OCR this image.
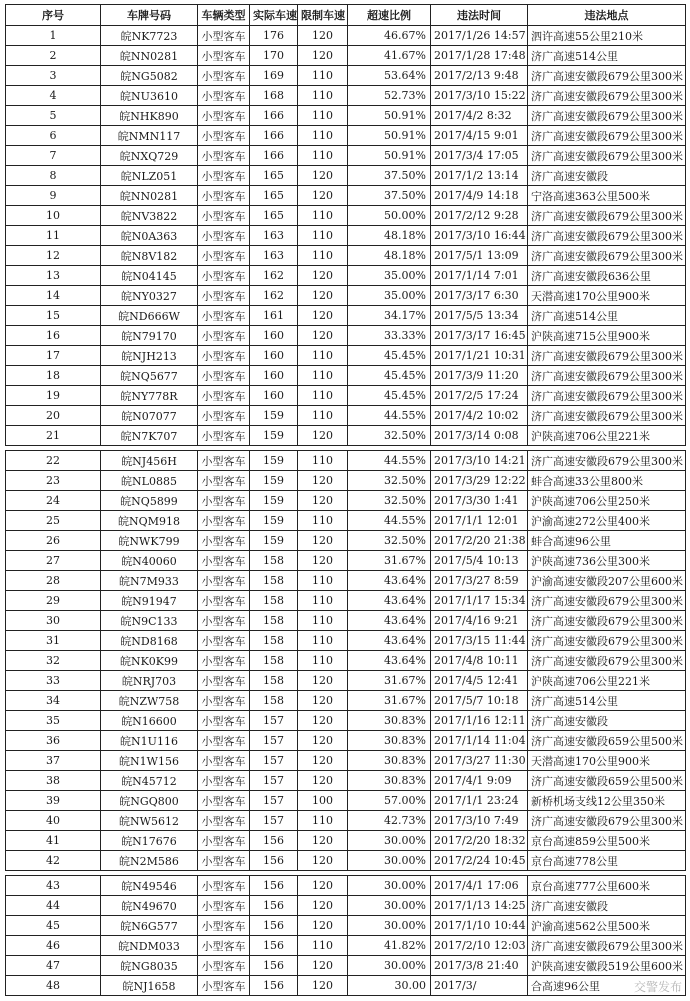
序号	车牌号码	车辆类型	实际车速	限制车速	超速比例	违法时间	违法地点
1	皖NK7723	小型客车	176	120	46.67%	2017/1/26 14:57	泗许高速55公里210米
2	皖NN0281	小型客车	170	120	41.67%	2017/1/28 17:48	济广高速514公里
3	皖NG5082	小型客车	169	110	53.64%	2017/2/13 9:48	济广高速安徽段679公里300米
4	皖NU3610	小型客车	168	110	52.73%	2017/3/10 15:22	济广高速安徽段679公里300米
5	皖NHK890	小型客车	166	110	50.91%	2017/4/2 8:32	济广高速安徽段679公里300米
6	皖NMN117	小型客车	166	110	50.91%	2017/4/15 9:01	济广高速安徽段679公里300米
7	皖NXQ729	小型客车	166	110	50.91%	2017/3/4 17:05	济广高速安徽段679公里300米
8	皖NLZ051	小型客车	165	120	37.50%	2017/1/2 13:14	济广高速安徽段
9	皖NN0281	小型客车	165	120	37.50%	2017/4/9 14:18	宁洛高速363公里500米
10	皖NV3822	小型客车	165	110	50.00%	2017/2/12 9:28	济广高速安徽段679公里300米
11	皖N0A363	小型客车	163	110	48.18%	2017/3/10 16:44	济广高速安徽段679公里300米
12	皖N8V182	小型客车	163	110	48.18%	2017/5/1 13:09	济广高速安徽段679公里300米
13	皖N04145	小型客车	162	120	35.00%	2017/1/14 7:01	济广高速安徽段636公里
14	皖NY0327	小型客车	162	120	35.00%	2017/3/17 6:30	天潜高速170公里900米
15	皖ND666W	小型客车	161	120	34.17%	2017/5/5 13:34	济广高速514公里
16	皖N79170	小型客车	160	120	33.33%	2017/3/17 16:45	沪陕高速715公里900米
17	皖NJH213	小型客车	160	110	45.45%	2017/1/21 10:31	济广高速安徽段679公里300米
18	皖NQ5677	小型客车	160	110	45.45%	2017/3/9 11:20	济广高速安徽段679公里300米
19	皖NY778R	小型客车	160	110	45.45%	2017/2/5 17:24	济广高速安徽段679公里300米
20	皖N07077	小型客车	159	110	44.55%	2017/4/2 10:02	济广高速安徽段679公里300米
21	皖N7K707	小型客车	159	120	32.50%	2017/3/14 0:08	沪陕高速706公里221米

22	皖NJ456H	小型客车	159	110	44.55%	2017/3/10 14:21	济广高速安徽段679公里300米
23	皖NL0885	小型客车	159	120	32.50%	2017/3/29 12:22	蚌合高速33公里800米
24	皖NQ5899	小型客车	159	120	32.50%	2017/3/30 1:41	沪陕高速706公里250米
25	皖NQM918	小型客车	159	110	44.55%	2017/1/1 12:01	沪渝高速272公里400米
26	皖NWK799	小型客车	159	120	32.50%	2017/2/20 21:38	蚌合高速96公里
27	皖N40060	小型客车	158	120	31.67%	2017/5/4 10:13	沪陕高速736公里300米
28	皖N7M933	小型客车	158	110	43.64%	2017/3/27 8:59	沪渝高速安徽段207公里600米
29	皖N91947	小型客车	158	110	43.64%	2017/1/17 15:34	济广高速安徽段679公里300米
30	皖N9C133	小型客车	158	110	43.64%	2017/4/16 9:21	济广高速安徽段679公里300米
31	皖ND8168	小型客车	158	110	43.64%	2017/3/15 11:44	济广高速安徽段679公里300米
32	皖NK0K99	小型客车	158	110	43.64%	2017/4/8 10:11	济广高速安徽段679公里300米
33	皖NRJ703	小型客车	158	120	31.67%	2017/4/5 12:41	沪陕高速706公里221米
34	皖NZW758	小型客车	158	120	31.67%	2017/5/7 10:18	济广高速514公里
35	皖N16600	小型客车	157	120	30.83%	2017/1/16 12:11	济广高速安徽段
36	皖N1U116	小型客车	157	120	30.83%	2017/1/14 11:04	济广高速安徽段659公里500米
37	皖N1W156	小型客车	157	120	30.83%	2017/3/27 11:30	天潜高速170公里900米
38	皖N45712	小型客车	157	120	30.83%	2017/4/1 9:09	济广高速安徽段659公里500米
39	皖NGQ800	小型客车	157	100	57.00%	2017/1/1 23:24	新桥机场支线12公里350米
40	皖NW5612	小型客车	157	110	42.73%	2017/3/10 7:49	济广高速安徽段679公里300米
41	皖N17676	小型客车	156	120	30.00%	2017/2/20 18:32	京台高速859公里500米
42	皖N2M586	小型客车	156	120	30.00%	2017/2/24 10:45	京台高速778公里

43	皖N49546	小型客车	156	120	30.00%	2017/4/1 17:06	京台高速777公里600米
44	皖N49670	小型客车	156	120	30.00%	2017/1/13 14:25	济广高速安徽段
45	皖N6G577	小型客车	156	120	30.00%	2017/1/10 10:44	沪渝高速562公里500米
46	皖NDM033	小型客车	156	110	41.82%	2017/2/10 12:03	济广高速安徽段679公里300米
47	皖NG8035	小型客车	156	120	30.00%	2017/3/8 21:40	沪陕高速安徽段519公里600米
48	皖NJ1658	小型客车	156	120	30.00	2017/3/	合高速96公里	交警发布
